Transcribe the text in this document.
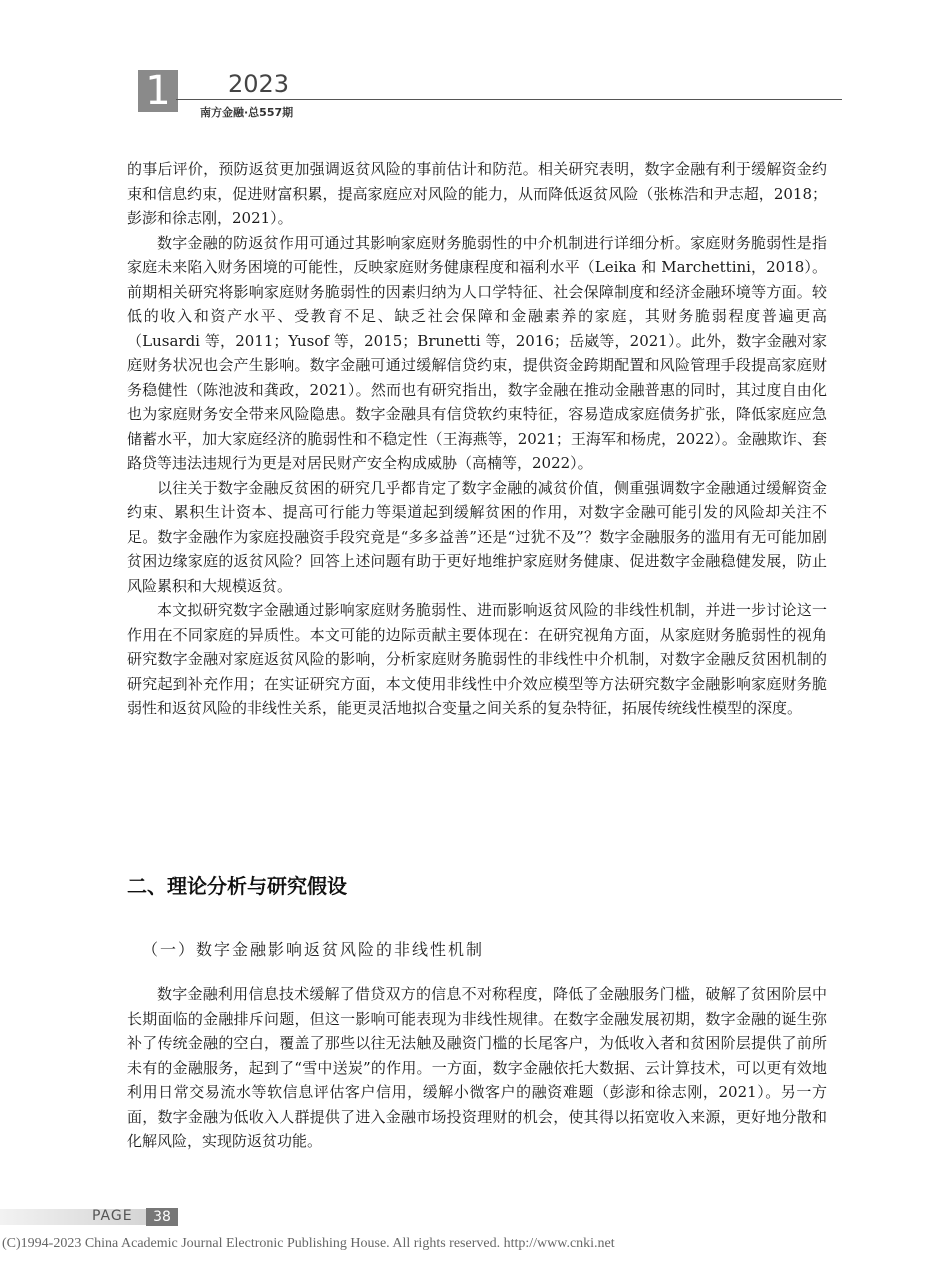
1	2023
南方金融·总557期

的事后评价，预防返贫更加强调返贫风险的事前估计和防范。相关研究表明，数字金融有利于缓解资金约束和信息约束，促进财富积累，提高家庭应对风险的能力，从而降低返贫风险（张栋浩和尹志超，2018；彭澎和徐志刚，2021）。

数字金融的防返贫作用可通过其影响家庭财务脆弱性的中介机制进行详细分析。家庭财务脆弱性是指家庭未来陷入财务困境的可能性，反映家庭财务健康程度和福利水平（Leika 和 Marchettini，2018）。前期相关研究将影响家庭财务脆弱性的因素归纳为人口学特征、社会保障制度和经济金融环境等方面。较低的收入和资产水平、受教育不足、缺乏社会保障和金融素养的家庭，其财务脆弱程度普遍更高（Lusardi 等，2011；Yusof 等，2015；Brunetti 等，2016；岳崴等，2021）。此外，数字金融对家庭财务状况也会产生影响。数字金融可通过缓解信贷约束，提供资金跨期配置和风险管理手段提高家庭财务稳健性（陈池波和龚政，2021）。然而也有研究指出，数字金融在推动金融普惠的同时，其过度自由化也为家庭财务安全带来风险隐患。数字金融具有信贷软约束特征，容易造成家庭债务扩张，降低家庭应急储蓄水平，加大家庭经济的脆弱性和不稳定性（王海燕等，2021；王海军和杨虎，2022）。金融欺诈、套路贷等违法违规行为更是对居民财产安全构成威胁（高楠等，2022）。

以往关于数字金融反贫困的研究几乎都肯定了数字金融的减贫价值，侧重强调数字金融通过缓解资金约束、累积生计资本、提高可行能力等渠道起到缓解贫困的作用，对数字金融可能引发的风险却关注不足。数字金融作为家庭投融资手段究竟是“多多益善”还是“过犹不及”？数字金融服务的滥用有无可能加剧贫困边缘家庭的返贫风险？回答上述问题有助于更好地维护家庭财务健康、促进数字金融稳健发展，防止风险累积和大规模返贫。

本文拟研究数字金融通过影响家庭财务脆弱性、进而影响返贫风险的非线性机制，并进一步讨论这一作用在不同家庭的异质性。本文可能的边际贡献主要体现在：在研究视角方面，从家庭财务脆弱性的视角研究数字金融对家庭返贫风险的影响，分析家庭财务脆弱性的非线性中介机制，对数字金融反贫困机制的研究起到补充作用；在实证研究方面，本文使用非线性中介效应模型等方法研究数字金融影响家庭财务脆弱性和返贫风险的非线性关系，能更灵活地拟合变量之间关系的复杂特征，拓展传统线性模型的深度。

二、理论分析与研究假设
（一）数字金融影响返贫风险的非线性机制

数字金融利用信息技术缓解了借贷双方的信息不对称程度，降低了金融服务门槛，破解了贫困阶层中长期面临的金融排斥问题，但这一影响可能表现为非线性规律。在数字金融发展初期，数字金融的诞生弥补了传统金融的空白，覆盖了那些以往无法触及融资门槛的长尾客户，为低收入者和贫困阶层提供了前所未有的金融服务，起到了“雪中送炭”的作用。一方面，数字金融依托大数据、云计算技术，可以更有效地利用日常交易流水等软信息评估客户信用，缓解小微客户的融资难题（彭澎和徐志刚，2021）。另一方面，数字金融为低收入人群提供了进入金融市场投资理财的机会，使其得以拓宽收入来源，更好地分散和化解风险，实现防返贫功能。

PAGE	38
(C)1994-2023 China Academic Journal Electronic Publishing House. All rights reserved. http://www.cnki.net
